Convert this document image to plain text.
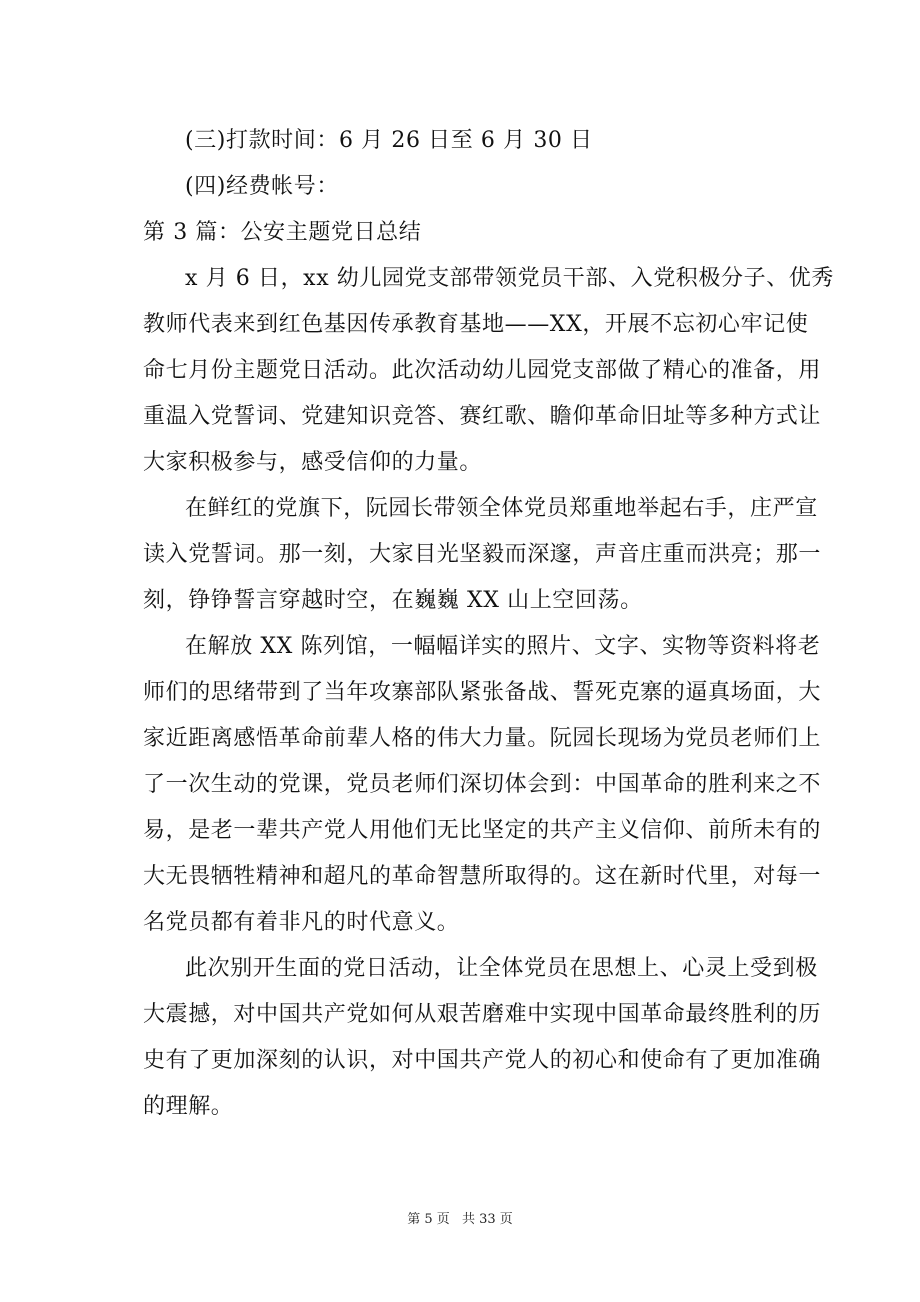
(三)打款时间：6 月 26 日至 6 月 30 日
(四)经费帐号：
第 3 篇：公安主题党日总结
x 月 6 日，xx 幼儿园党支部带领党员干部、入党积极分子、优秀
教师代表来到红色基因传承教育基地——XX，开展不忘初心牢记使
命七月份主题党日活动。此次活动幼儿园党支部做了精心的准备，用
重温入党誓词、党建知识竞答、赛红歌、瞻仰革命旧址等多种方式让
大家积极参与，感受信仰的力量。
在鲜红的党旗下，阮园长带领全体党员郑重地举起右手，庄严宣
读入党誓词。那一刻，大家目光坚毅而深邃，声音庄重而洪亮；那一
刻，铮铮誓言穿越时空，在巍巍 XX 山上空回荡。
在解放 XX 陈列馆，一幅幅详实的照片、文字、实物等资料将老
师们的思绪带到了当年攻寨部队紧张备战、誓死克寨的逼真场面，大
家近距离感悟革命前辈人格的伟大力量。阮园长现场为党员老师们上
了一次生动的党课，党员老师们深切体会到：中国革命的胜利来之不
易，是老一辈共产党人用他们无比坚定的共产主义信仰、前所未有的
大无畏牺牲精神和超凡的革命智慧所取得的。这在新时代里，对每一
名党员都有着非凡的时代意义。
此次别开生面的党日活动，让全体党员在思想上、心灵上受到极
大震撼，对中国共产党如何从艰苦磨难中实现中国革命最终胜利的历
史有了更加深刻的认识，对中国共产党人的初心和使命有了更加准确
的理解。
第 5 页 共 33 页
